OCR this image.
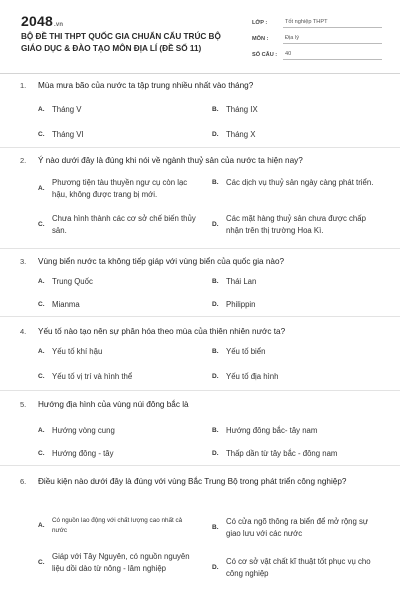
2048.vn
BỘ ĐỀ THI THPT QUỐC GIA CHUẨN CẤU TRÚC BỘ GIÁO DỤC & ĐÀO TẠO MÔN ĐỊA LÍ (ĐỀ SỐ 11)
LỚP :	Tốt nghiệp THPT
MÔN :	Địa lý
SỐ CÂU :	40
1.	Mùa mưa bão của nước ta tập trung nhiều nhất vào tháng?
A. Tháng V	B. Tháng IX
C. Tháng VI	D. Tháng X
2.	Ý nào dưới đây là đúng khi nói về ngành thuỷ sản của nước ta hiện nay?
A.
Phương tiện tàu thuyền ngư cụ còn lạc hậu, không được trang bị mới.
B. Các dịch vụ thuỷ sản ngày càng phát triển.
C.
Chưa hình thành các cơ sở chế biến thủy sản.
D.
Các mặt hàng thuỷ sản chưa được chấp nhận trên thị trường Hoa Kì.
3.	Vùng biển nước ta không tiếp giáp với vùng biển của quốc gia nào?
A. Trung Quốc	B. Thái Lan
C. Mianma	D. Philippin
4.	Yếu tố nào tạo nên sự phân hóa theo mùa của thiên nhiên nước ta?
A. Yếu tố khí hậu	B. Yếu tố biển
C. Yếu tố vị trí và hình thể	D. Yếu tố địa hình
5.	Hướng địa hình của vùng núi đông bắc là
A. Hướng vòng cung	B. Hướng đông bắc- tây nam
C. Hướng đông - tây	D. Thấp dần từ tây bắc - đông nam
6.	Điều kiện nào dưới đây là đúng với vùng Bắc Trung Bộ trong phát triển công nghiệp?
A.
Có nguồn lao động với chất lượng cao nhất cả nước	B.
Có cửa ngõ thông ra biển để mở rộng sự giao lưu với các nước
C.
Giáp với Tây Nguyên, có nguồn nguyên liệu dồi dào từ nông - lâm nghiệp	D.
Có cơ sở vật chất kĩ thuật tốt phục vụ cho công nghiệp
